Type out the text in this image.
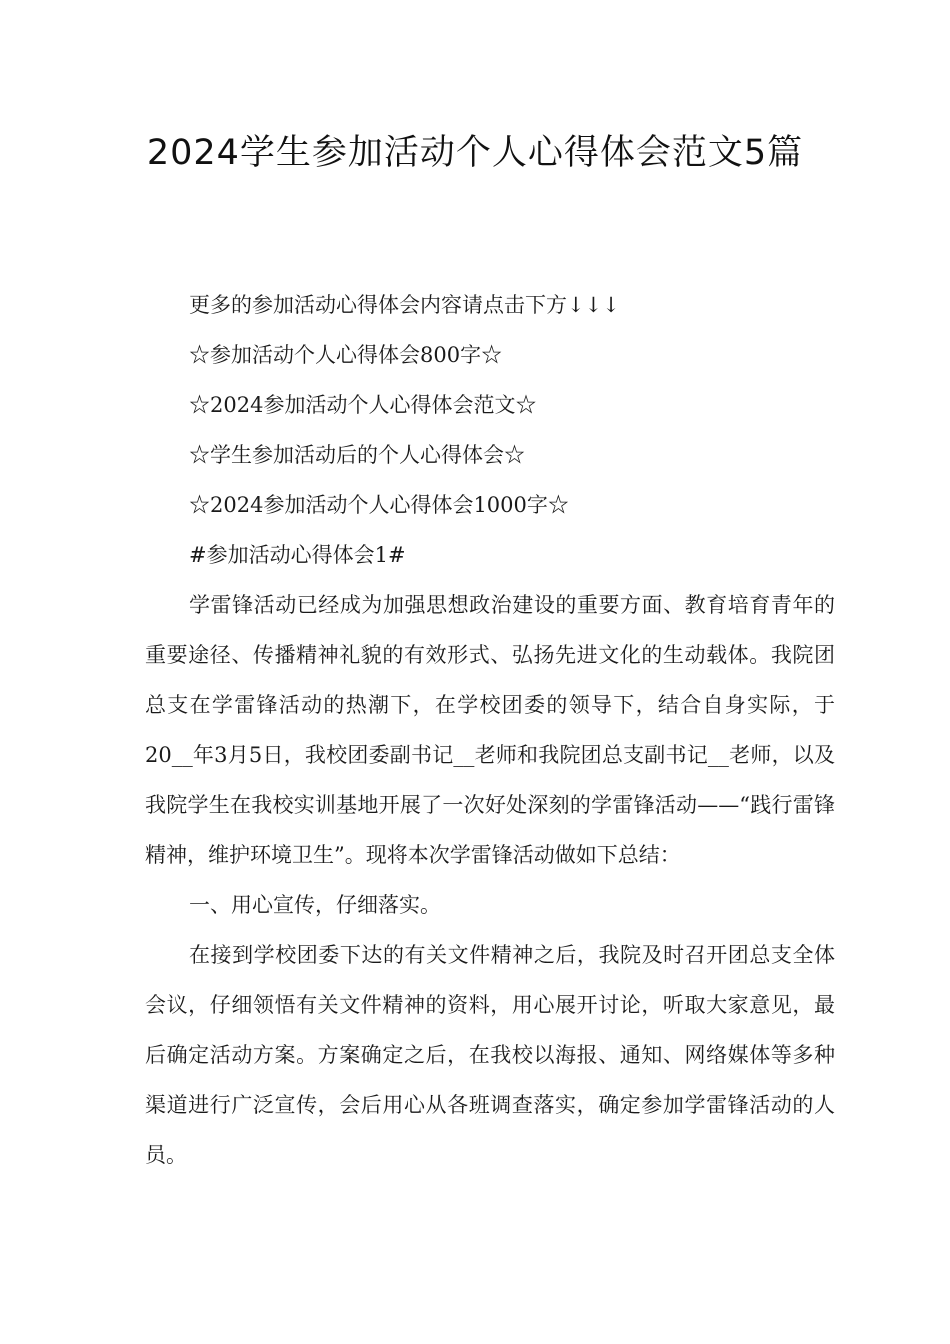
2024学生参加活动个人心得体会范文5篇

更多的参加活动心得体会内容请点击下方↓↓↓

☆参加活动个人心得体会800字☆
☆2024参加活动个人心得体会范文☆
☆学生参加活动后的个人心得体会☆
☆2024参加活动个人心得体会1000字☆

#参加活动心得体会1#

学雷锋活动已经成为加强思想政治建设的重要方面、教育培育青年的重要途径、传播精神礼貌的有效形式、弘扬先进文化的生动载体。我院团总支在学雷锋活动的热潮下，在学校团委的领导下，结合自身实际，于20__年3月5日，我校团委副书记__老师和我院团总支副书记__老师，以及我院学生在我校实训基地开展了一次好处深刻的学雷锋活动——“践行雷锋精神，维护环境卫生”。现将本次学雷锋活动做如下总结：

一、用心宣传，仔细落实。

在接到学校团委下达的有关文件精神之后，我院及时召开团总支全体会议，仔细领悟有关文件精神的资料，用心展开讨论，听取大家意见，最后确定活动方案。方案确定之后，在我校以海报、通知、网络媒体等多种渠道进行广泛宣传，会后用心从各班调查落实，确定参加学雷锋活动的人员。
